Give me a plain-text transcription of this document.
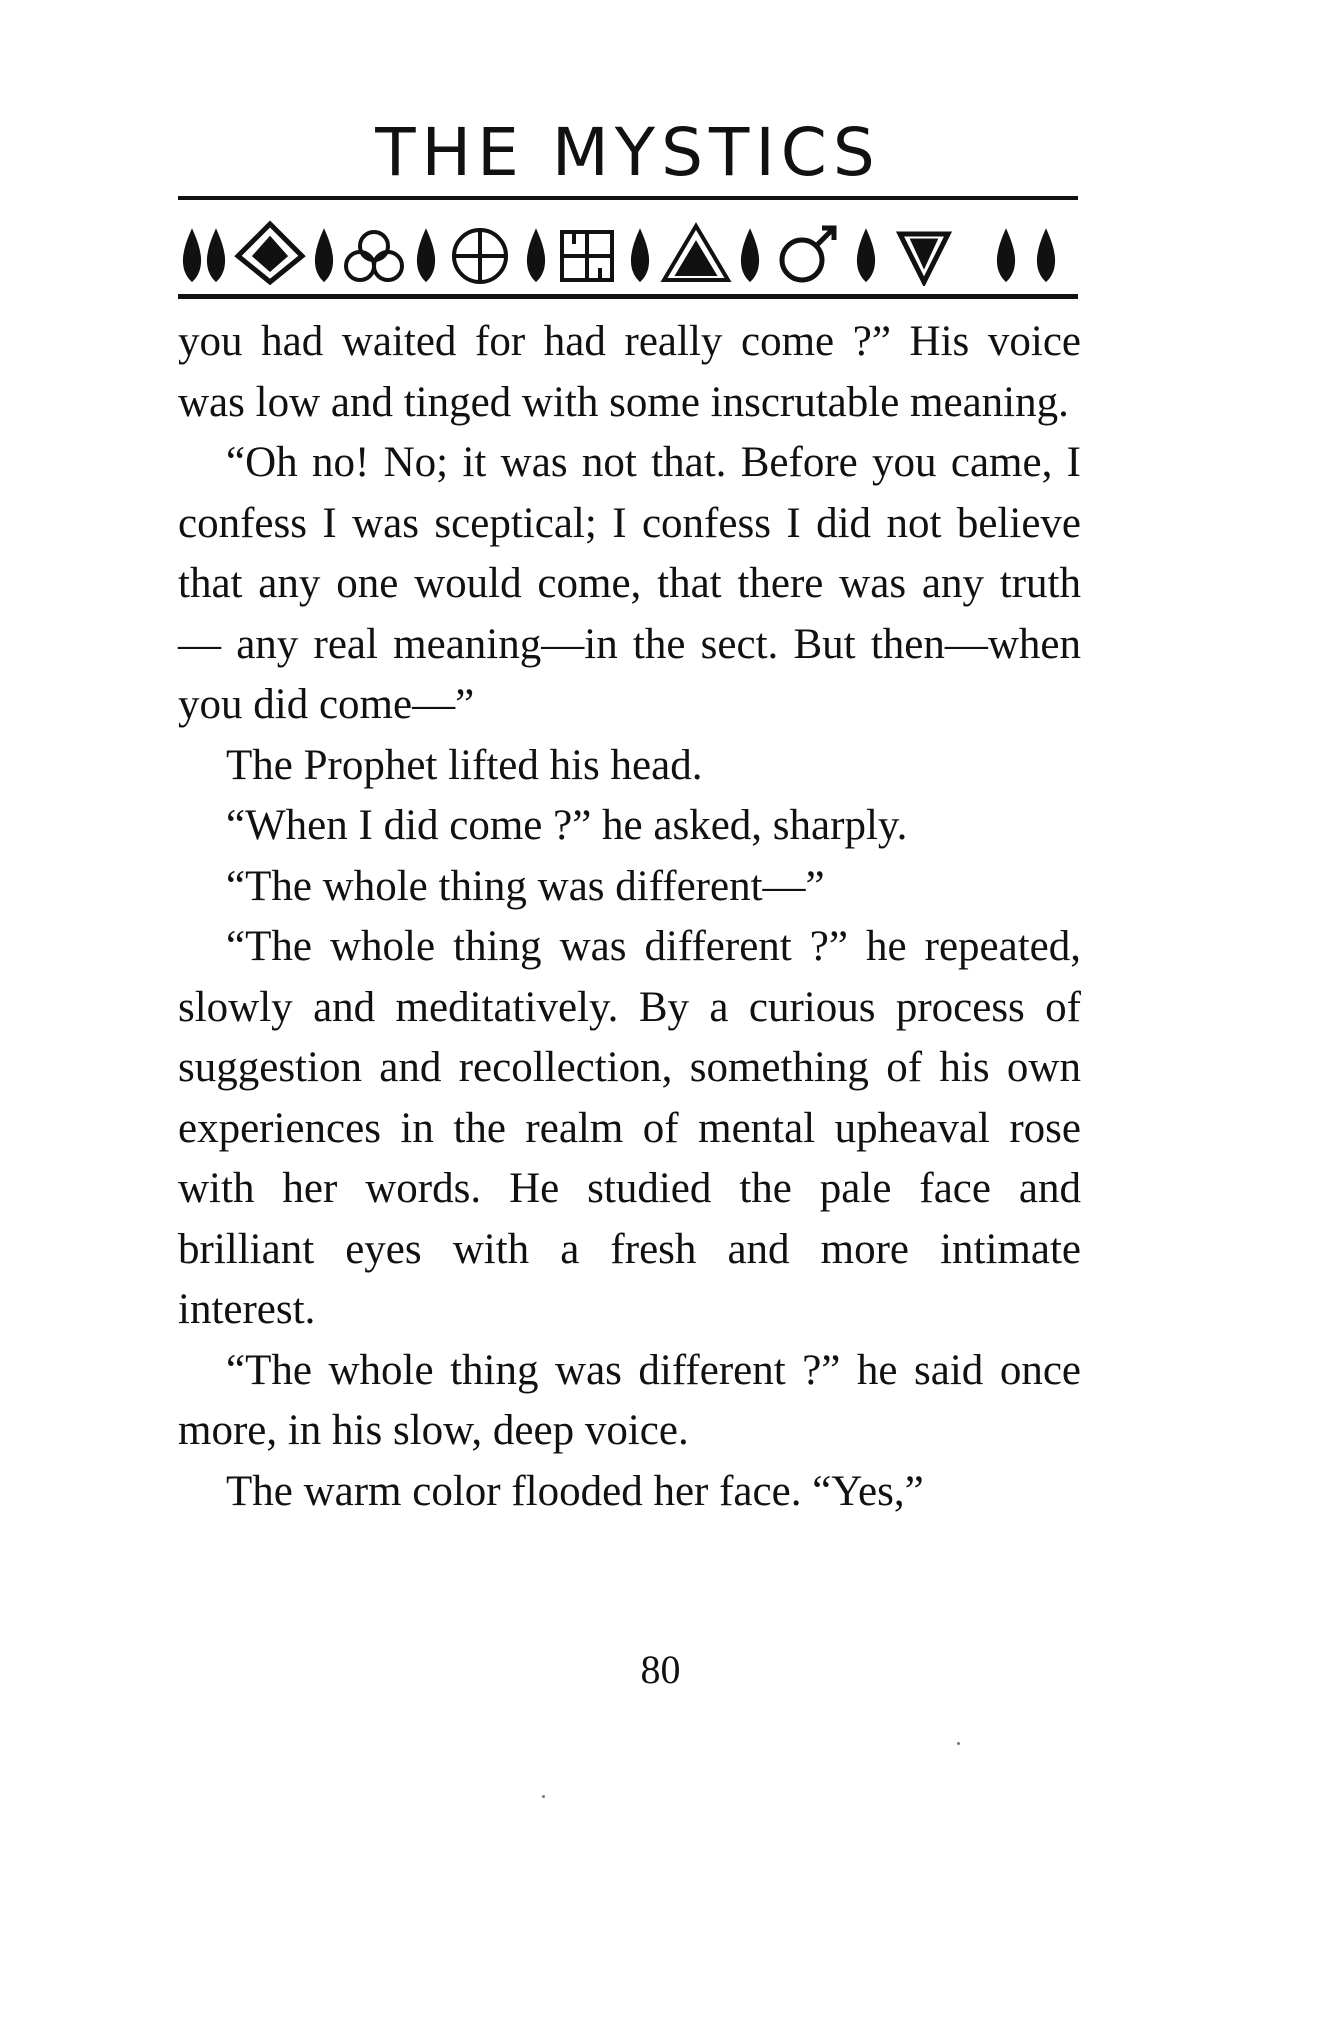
THE MYSTICS

you had waited for had really come ?” His voice was low and tinged with some inscrutable meaning.

“Oh no! No; it was not that. Before you came, I confess I was sceptical; I confess I did not believe that any one would come, that there was any truth — any real meaning—in the sect. But then—when you did come—”

The Prophet lifted his head.

“When I did come ?” he asked, sharply.

“The whole thing was different—”

“The whole thing was different ?” he repeated, slowly and meditatively. By a curious process of suggestion and recollection, something of his own experiences in the realm of mental upheaval rose with her words. He studied the pale face and brilliant eyes with a fresh and more intimate interest.

“The whole thing was different ?” he said once more, in his slow, deep voice.

The warm color flooded her face. “Yes,”

80
